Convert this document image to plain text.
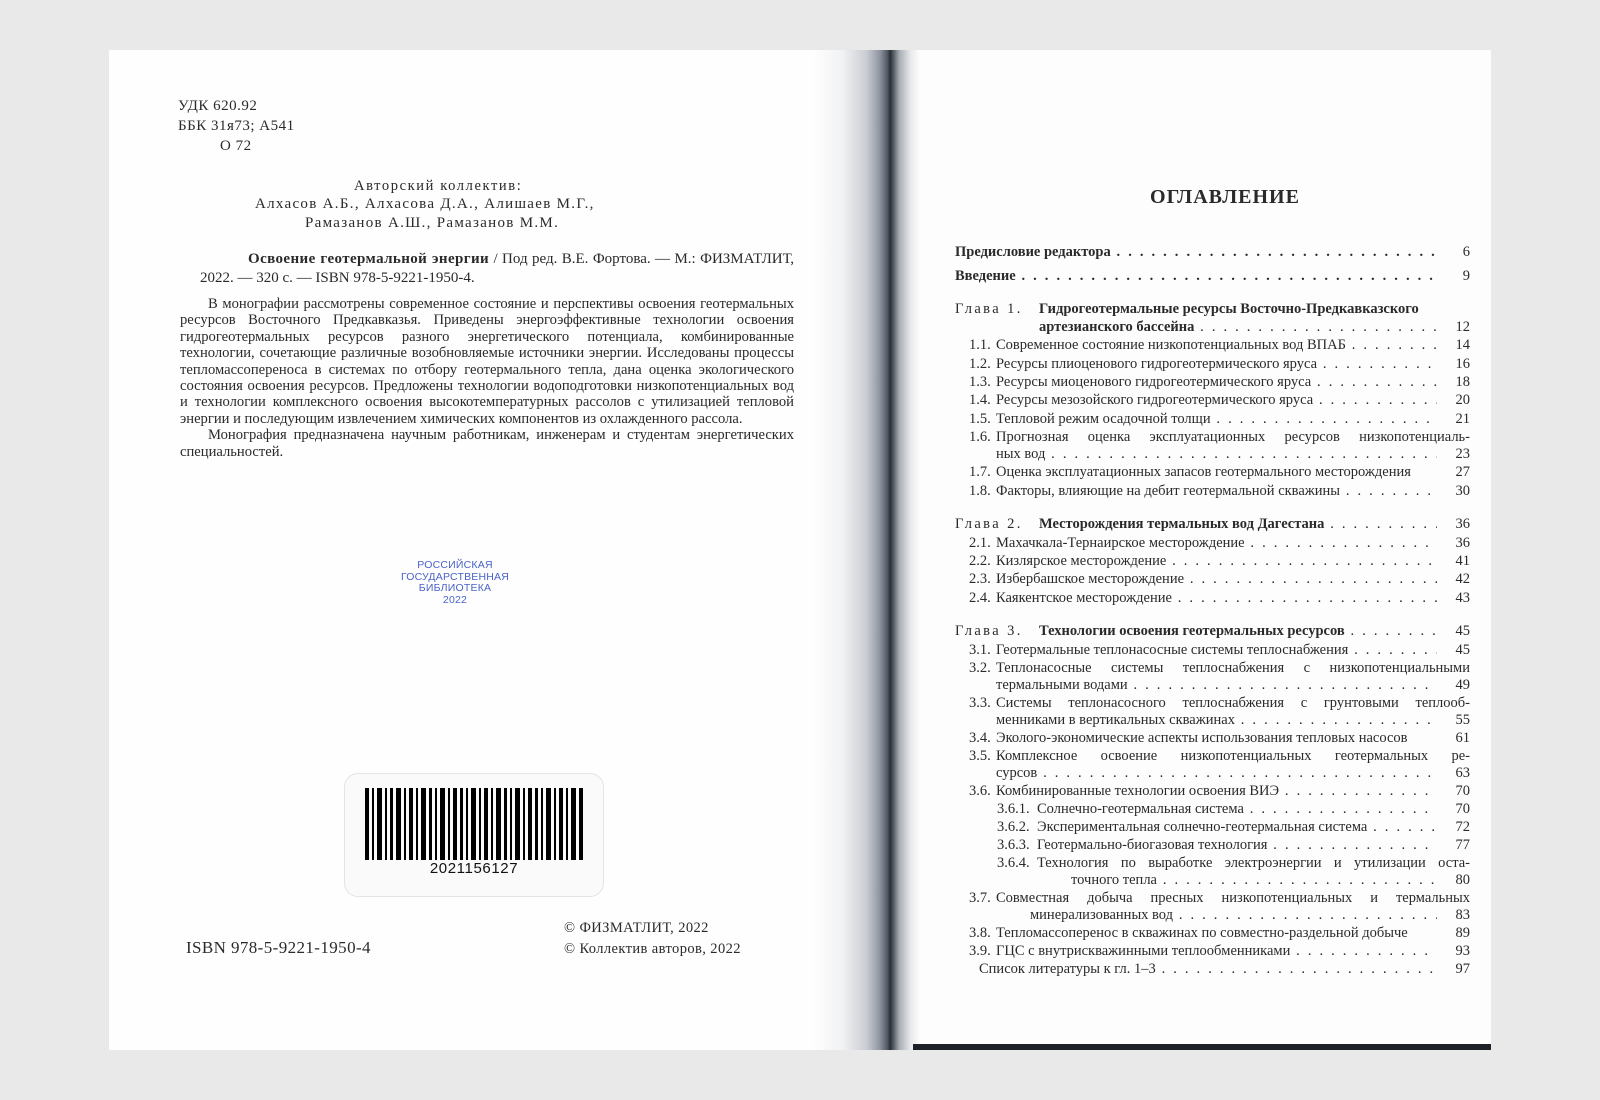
УДК 620.92
ББК 31я73; А541
О 72
Авторский коллектив:
Алхасов А.Б., Алхасова Д.А., Алишаев М.Г.,
Рамазанов А.Ш., Рамазанов М.М.
Освоение геотермальной энергии / Под ред. В.Е. Фортова. — М.: ФИЗМАТЛИТ, 2022. — 320 с. — ISBN 978-5-9221-1950-4.

В монографии рассмотрены современное состояние и перспективы освоения геотермальных ресурсов Восточного Предкавказья. Приведены энергоэффективные технологии освоения гидрогеотермальных ресурсов разного энергетического потенциала, комбинированные технологии, сочетающие различные возобновляемые источники энергии. Исследованы процессы тепломассопереноса в системах по отбору геотермального тепла, дана оценка экологического состояния освоения ресурсов. Предложены технологии водоподготовки низкопотенциальных вод и технологии комплексного освоения высокотемпературных рассолов с утилизацией тепловой энергии и последующим извлечением химических компонентов из охлажденного рассола.

Монография предназначена научным работникам, инженерам и студентам энергетических специальностей.

РОССИЙСКАЯ
ГОСУДАРСТВЕННАЯ
БИБЛИОТЕКА
2022
2021156127
ISBN 978-5-9221-1950-4
© ФИЗМАТЛИТ, 2022
© Коллектив авторов, 2022
ОГЛАВЛЕНИЕ
Предисловие редактора . . .	6
Введение . . .	9
Глава 1. Гидрогеотермальные ресурсы Восточно-Предкавказского
артезианского бассейна . . .	12
1.1. Современное состояние низкопотенциальных вод ВПАБ . . .	14
1.2. Ресурсы плиоценового гидрогеотермического яруса . . .	16
1.3. Ресурсы миоценового гидрогеотермического яруса . . .	18
1.4. Ресурсы мезозойского гидрогеотермического яруса . . .	20
1.5. Тепловой режим осадочной толщи . . .	21
1.6. Прогнозная оценка эксплуатационных ресурсов низкопотенциаль-
ных вод . . .	23
1.7. Оценка эксплуатационных запасов геотермального месторождения	27
1.8. Факторы, влияющие на дебит геотермальной скважины . . .	30
Глава 2. Месторождения термальных вод Дагестана . . .	36
2.1. Махачкала-Тернаирское месторождение . . .	36
2.2. Кизлярское месторождение . . .	41
2.3. Избербашское месторождение . . .	42
2.4. Каякентское месторождение . . .	43
Глава 3. Технологии освоения геотермальных ресурсов . . .	45
3.1. Геотермальные теплонасосные системы теплоснабжения . . .	45
3.2. Теплонасосные системы теплоснабжения с низкопотенциальными
термальными водами . . .	49
3.3. Системы теплонасосного теплоснабжения с грунтовыми теплооб-
менниками в вертикальных скважинах . . .	55
3.4. Эколого-экономические аспекты использования тепловых насосов	61
3.5. Комплексное освоение низкопотенциальных геотермальных ре-
сурсов . . .	63
3.6. Комбинированные технологии освоения ВИЭ . . .	70
3.6.1. Солнечно-геотермальная система . . .	70
3.6.2. Экспериментальная солнечно-геотермальная система . . .	72
3.6.3. Геотермально-биогазовая технология . . .	77
3.6.4. Технология по выработке электроэнергии и утилизации оста-
точного тепла . . .	80
3.7. Совместная добыча пресных низкопотенциальных и термальных
минерализованных вод . . .	83
3.8. Тепломассоперенос в скважинах по совместно-раздельной добыче	89
3.9. ГЦС с внутрискважинными теплообменниками . . .	93
Список литературы к гл. 1–3 . . .	97
